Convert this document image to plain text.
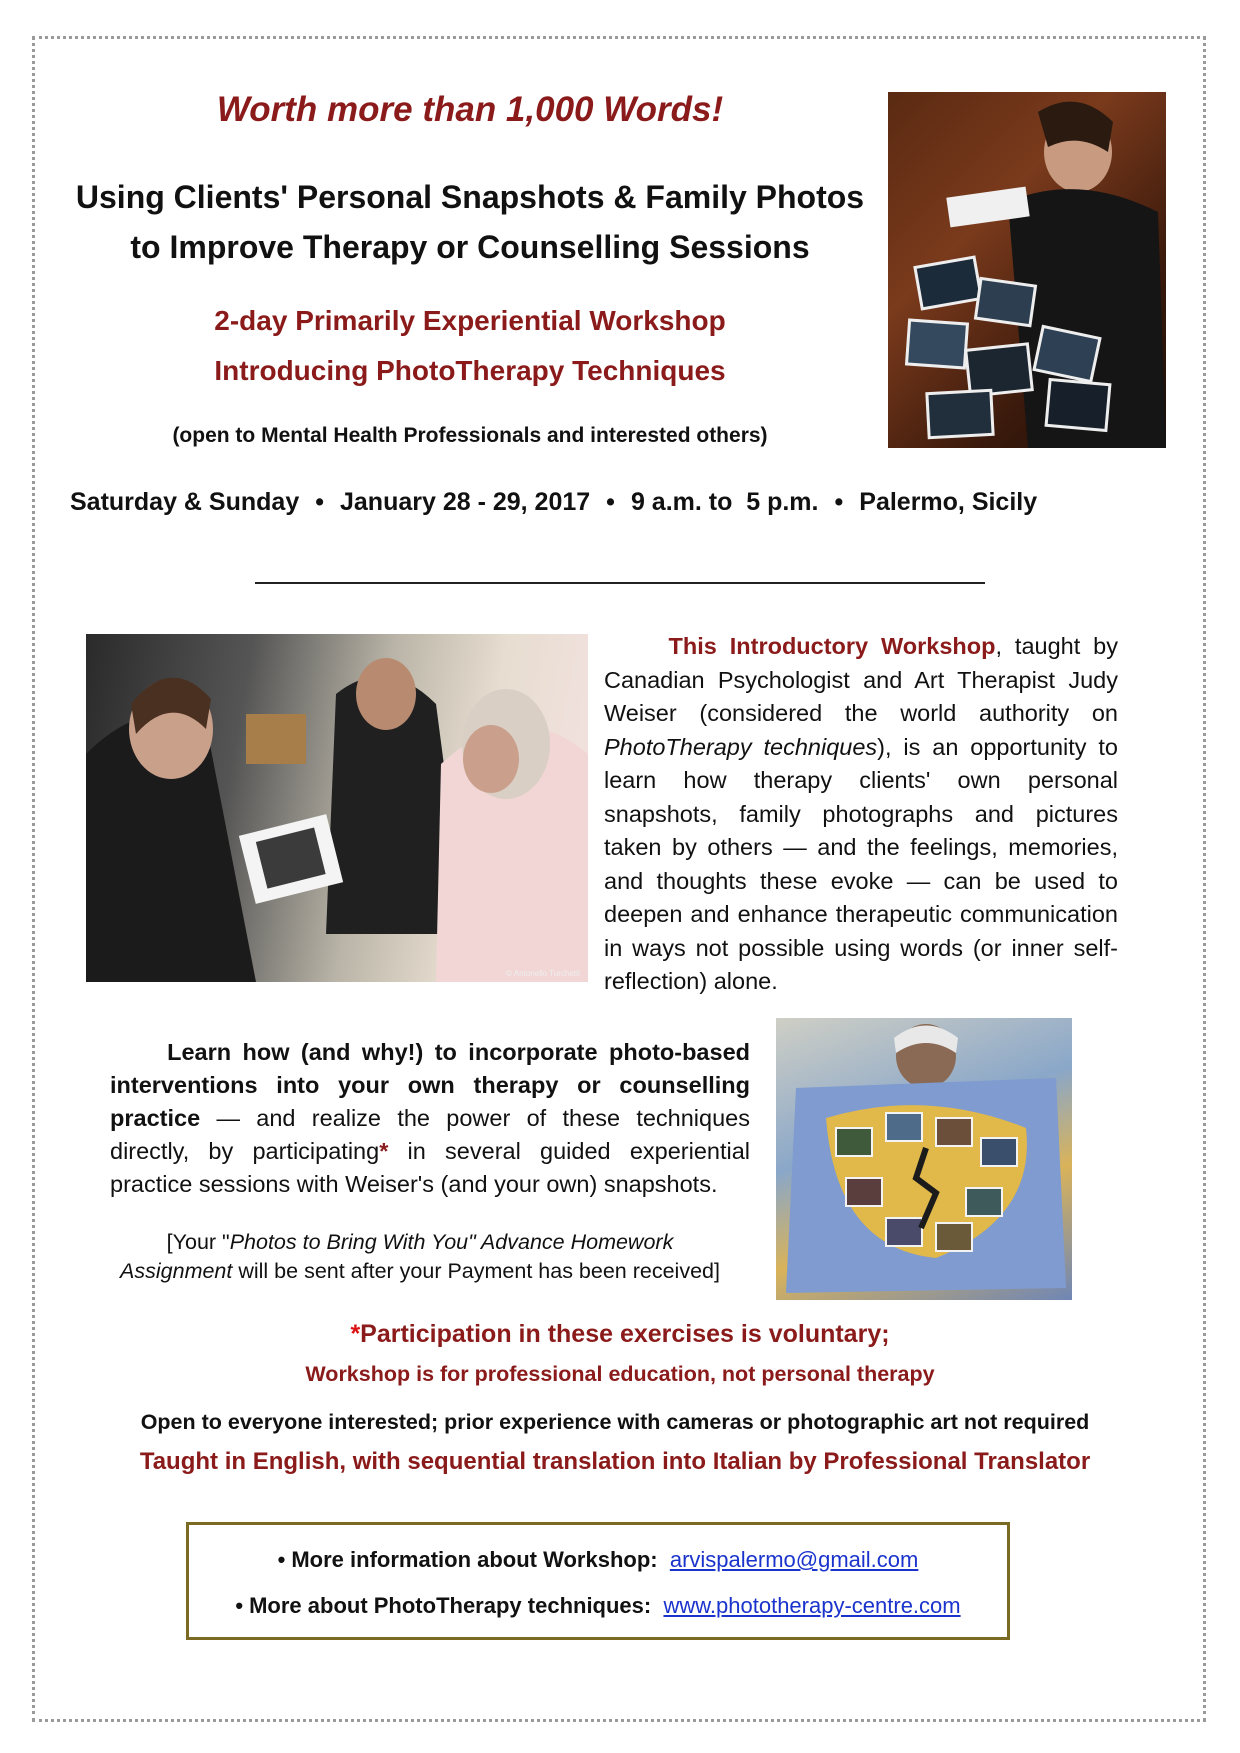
Worth more than 1,000 Words!
Using Clients' Personal Snapshots & Family Photos
to Improve Therapy or Counselling Sessions
2-day Primarily Experiential Workshop
Introducing PhotoTherapy Techniques
(open to Mental Health Professionals and interested others)
Saturday & Sunday • January 28 - 29, 2017 • 9 a.m. to  5 p.m. • Palermo, Sicily
© Antonello Turchetti
This Introductory Workshop, taught by Canadian Psychologist and Art Therapist Judy Weiser (considered the world authority on PhotoTherapy techniques), is an opportunity to learn how therapy clients' own personal snapshots, family photographs and pictures taken by others — and the feelings, memories, and thoughts these evoke — can be used to deepen and enhance therapeutic communication in ways not possible using words (or inner self-reflection) alone.
Learn how (and why!) to incorporate photo-based interventions into your own therapy or counselling practice — and realize the power of these techniques directly, by participating* in several guided experiential practice sessions with Weiser's (and your own) snapshots.
[Your "Photos to Bring With You" Advance Homework
Assignment will be sent after your Payment has been received]
*Participation in these exercises is voluntary;
Workshop is for professional education, not personal therapy
Open to everyone interested; prior experience with cameras or photographic art not required
Taught in English, with sequential translation into Italian by Professional Translator
• More information about Workshop: arvispalermo@gmail.com
• More about PhotoTherapy techniques: www.phototherapy-centre.com
